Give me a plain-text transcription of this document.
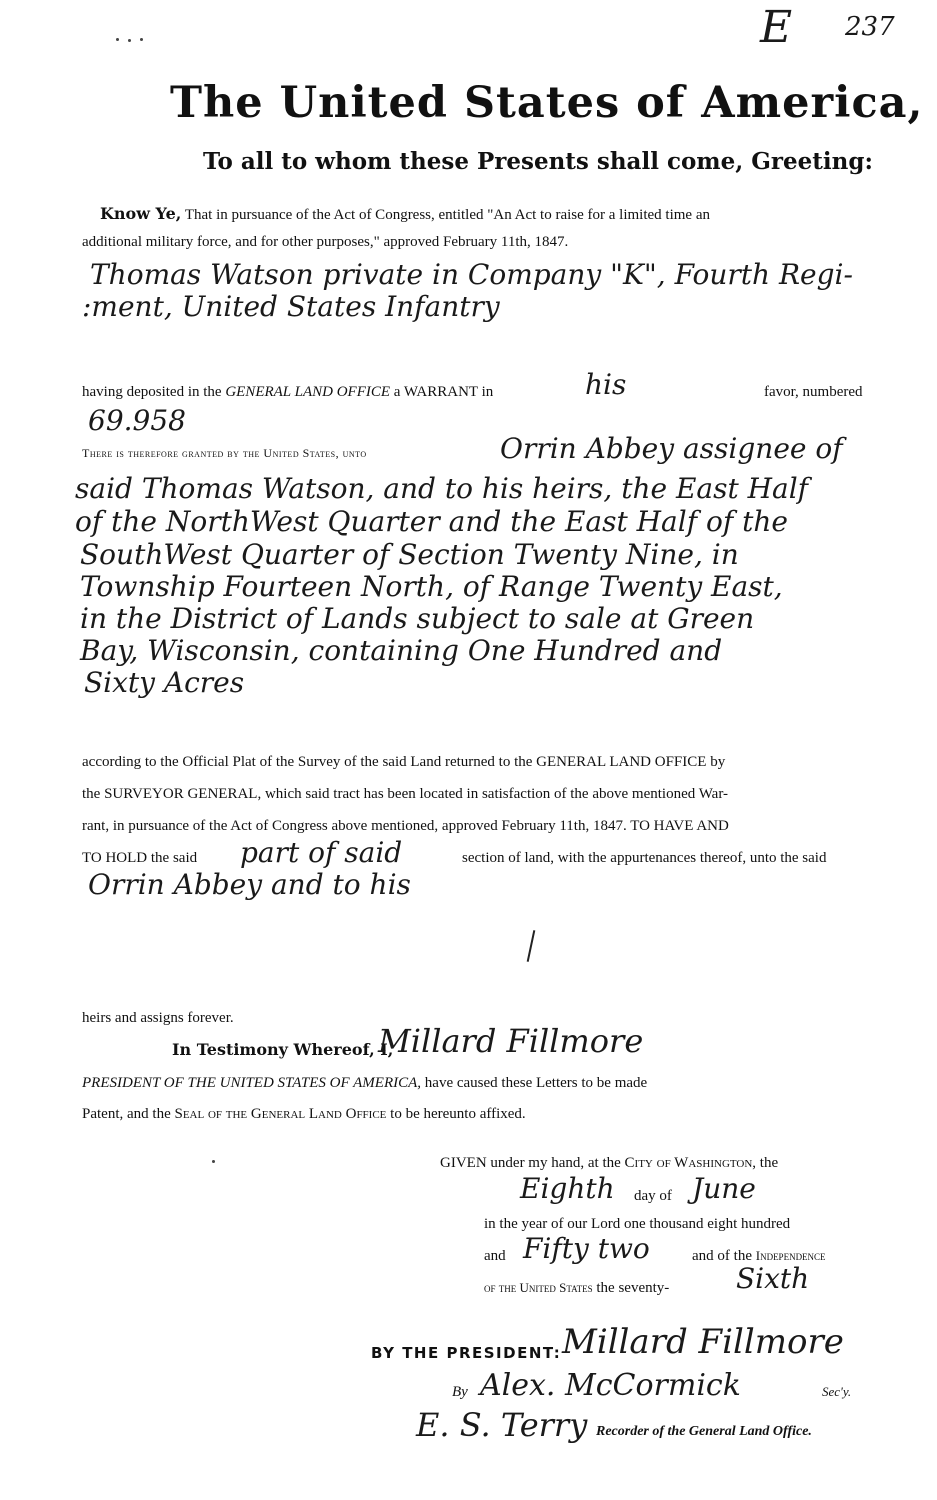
E 237
The United States of America,
To all to whom these Presents shall come, Greeting:
Know Ye, That in pursuance of the Act of Congress, entitled "An Act to raise for a limited time an
additional military force, and for other purposes," approved February 11th, 1847.
Thomas Watson private in Company "K", Fourth Regi-
:ment, United States Infantry
having deposited in the GENERAL LAND OFFICE a WARRANT in	his	favor, numbered
69.958
There is therefore granted by the United States, unto	Orrin Abbey assignee of
said Thomas Watson, and to his heirs, the East Half
of the NorthWest Quarter and the East Half of the
SouthWest Quarter of Section Twenty Nine, in
Township Fourteen North, of Range Twenty East,
in the District of Lands subject to sale at Green
Bay, Wisconsin, containing One Hundred and
Sixty Acres
according to the Official Plat of the Survey of the said Land returned to the GENERAL LAND OFFICE by
the SURVEYOR GENERAL, which said tract has been located in satisfaction of the above mentioned War-
rant, in pursuance of the Act of Congress above mentioned, approved February 11th, 1847. TO HAVE AND
TO HOLD the said part of said	section of land, with the appurtenances thereof, unto the said
Orrin Abbey and to his
heirs and assigns forever.
In Testimony Whereof, I,
Millard Fillmore
PRESIDENT OF THE UNITED STATES OF AMERICA, have caused these Letters to be made
Patent, and the Seal of the General Land Office to be hereunto affixed.
GIVEN under my hand, at the City of Washington, the
Eighth day of June
in the year of our Lord one thousand eight hundred
and Fifty two	and of the Independence
of the United States the seventy- Sixth
BY THE PRESIDENT: Millard Fillmore
By Alex. McCormick	Sec'y.
E. S. Terry Recorder of the General Land Office.
